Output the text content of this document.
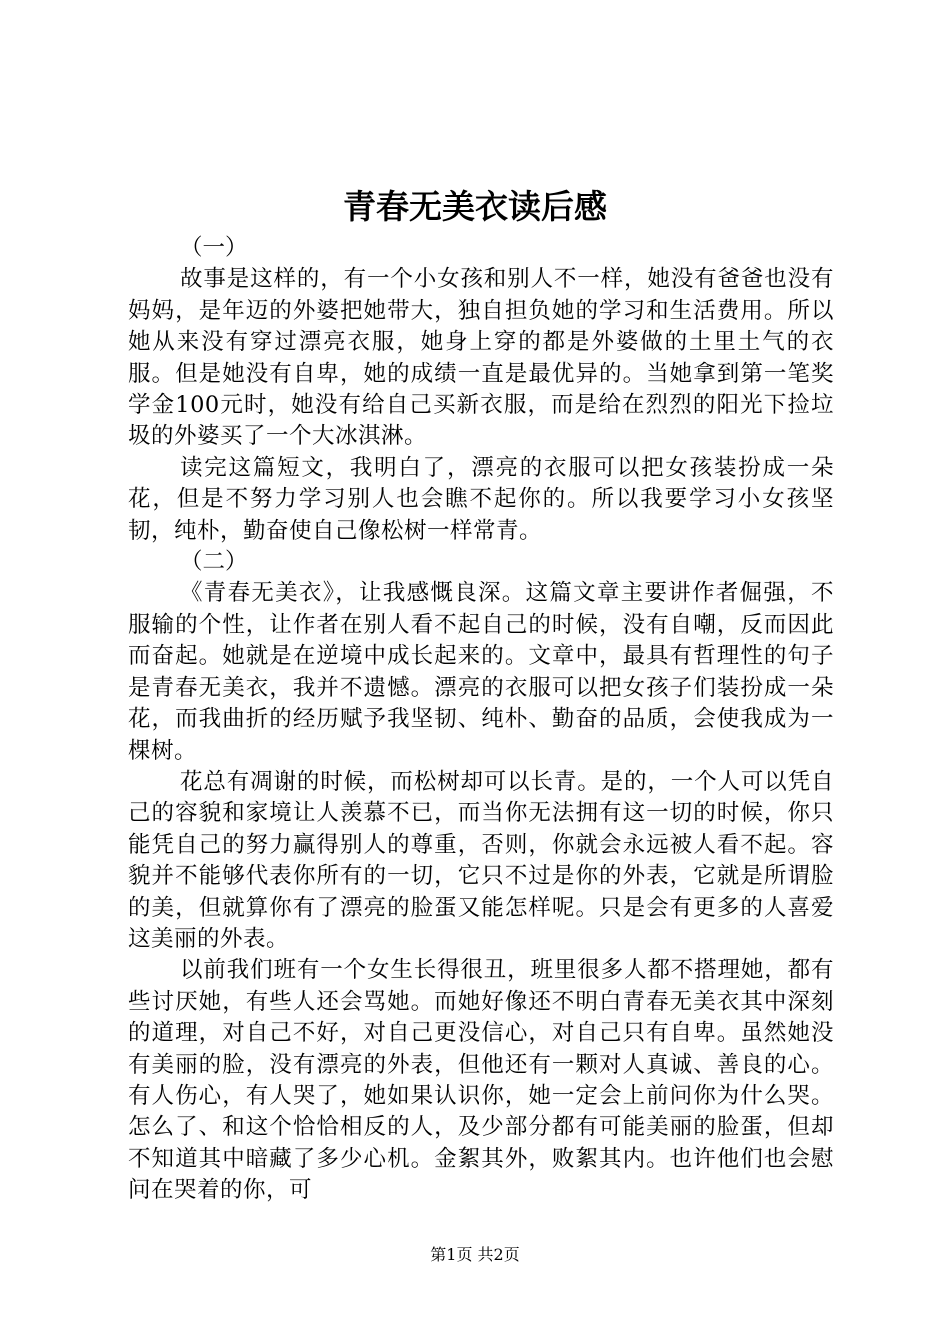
青春无美衣读后感

（一）

故事是这样的，有一个小女孩和别人不一样，她没有爸爸也没有妈妈，是年迈的外婆把她带大，独自担负她的学习和生活费用。所以她从来没有穿过漂亮衣服，她身上穿的都是外婆做的土里土气的衣服。但是她没有自卑，她的成绩一直是最优异的。当她拿到第一笔奖学金100元时，她没有给自己买新衣服，而是给在烈烈的阳光下捡垃圾的外婆买了一个大冰淇淋。

读完这篇短文，我明白了，漂亮的衣服可以把女孩装扮成一朵花，但是不努力学习别人也会瞧不起你的。所以我要学习小女孩坚韧，纯朴，勤奋使自己像松树一样常青。

（二）

《青春无美衣》，让我感慨良深。这篇文章主要讲作者倔强，不服输的个性，让作者在别人看不起自己的时候，没有自嘲，反而因此而奋起。她就是在逆境中成长起来的。文章中，最具有哲理性的句子是青春无美衣，我并不遗憾。漂亮的衣服可以把女孩子们装扮成一朵花，而我曲折的经历赋予我坚韧、纯朴、勤奋的品质，会使我成为一棵树。

花总有凋谢的时候，而松树却可以长青。是的，一个人可以凭自己的容貌和家境让人羡慕不已，而当你无法拥有这一切的时候，你只能凭自己的努力赢得别人的尊重，否则，你就会永远被人看不起。容貌并不能够代表你所有的一切，它只不过是你的外表，它就是所谓脸的美，但就算你有了漂亮的脸蛋又能怎样呢。只是会有更多的人喜爱这美丽的外表。

以前我们班有一个女生长得很丑，班里很多人都不搭理她，都有些讨厌她，有些人还会骂她。而她好像还不明白青春无美衣其中深刻的道理，对自己不好，对自己更没信心，对自己只有自卑。虽然她没有美丽的脸，没有漂亮的外表，但他还有一颗对人真诚、善良的心。有人伤心，有人哭了，她如果认识你，她一定会上前问你为什么哭。怎么了、和这个恰恰相反的人，及少部分都有可能美丽的脸蛋，但却不知道其中暗藏了多少心机。金絮其外，败絮其内。也许他们也会慰问在哭着的你，可

第1页 共2页
